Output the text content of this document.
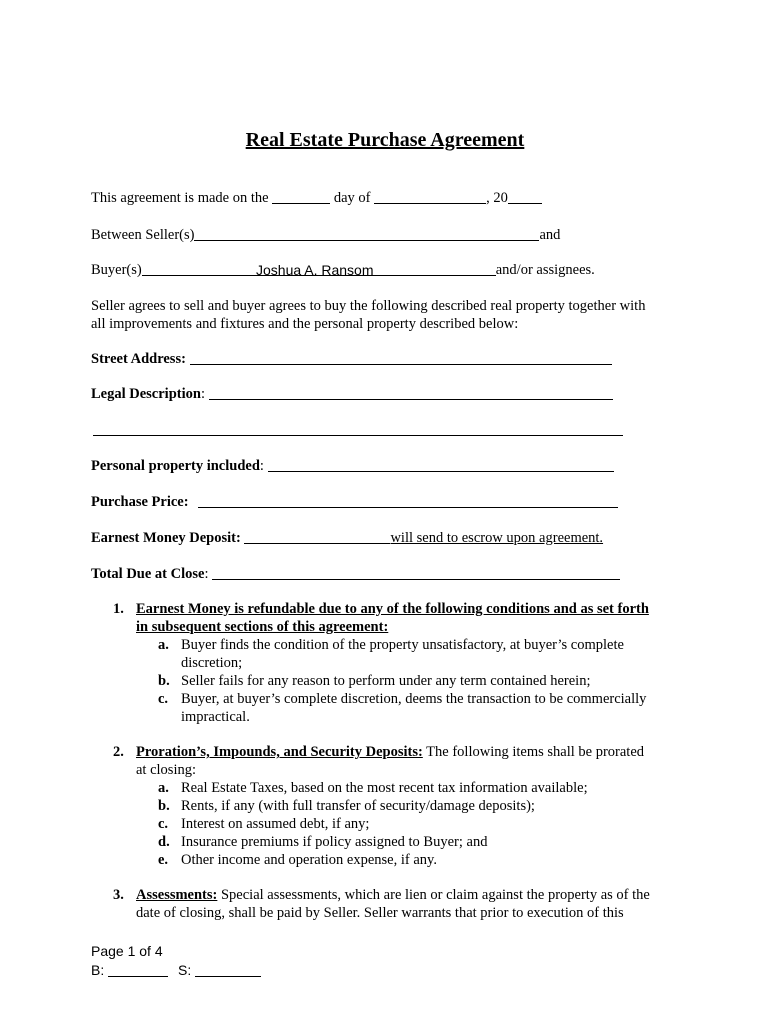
Real Estate Purchase Agreement
This agreement is made on the	day of	, 20
Between Seller(s)	and
Buyer(s)	and/or assignees.
Joshua A. Ransom
Seller agrees to sell and buyer agrees to buy the following described real property together with
all improvements and fixtures and the personal property described below:
Street Address:
Legal Description:
Personal property included:
Purchase Price:
Earnest Money Deposit:	will send to escrow upon agreement.
Total Due at Close:
1. Earnest Money is refundable due to any of the following conditions and as set forth
in subsequent sections of this agreement:
a. Buyer finds the condition of the property unsatisfactory, at buyer’s complete
discretion;
b. Seller fails for any reason to perform under any term contained herein;
c. Buyer, at buyer’s complete discretion, deems the transaction to be commercially
impractical.
2. Proration’s, Impounds, and Security Deposits: The following items shall be prorated
at closing:
a. Real Estate Taxes, based on the most recent tax information available;
b. Rents, if any (with full transfer of security/damage deposits);
c. Interest on assumed debt, if any;
d. Insurance premiums if policy assigned to Buyer; and
e. Other income and operation expense, if any.
3. Assessments: Special assessments, which are lien or claim against the property as of the
date of closing, shall be paid by Seller. Seller warrants that prior to execution of this
Page 1 of 4
B:	S:
